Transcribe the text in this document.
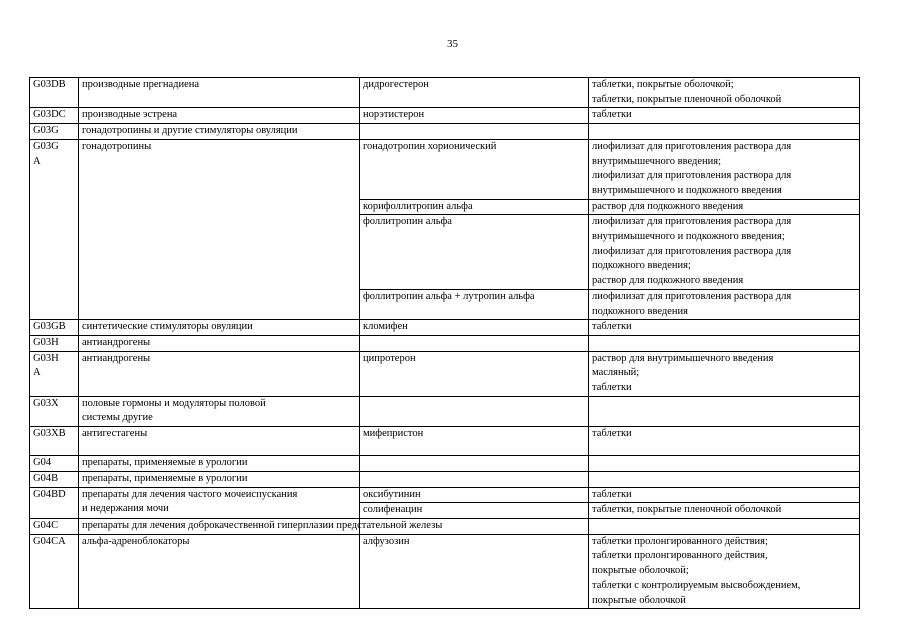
35
G03DB	производные прегнадиена	дидрогестерон	таблетки, покрытые оболочкой;
таблетки, покрытые пленочной оболочкой

G03DC	производные эстрена	норэтистерон	таблетки
G03G	гонадотропины и другие стимуляторы овуляции		

G03G
A	гонадотропины	гонадотропин хорионический	лиофилизат для приготовления раствора для
внутримышечного введения;
лиофилизат для приготовления раствора для
внутримышечного и подкожного введения

		корифоллитропин альфа	раствор для подкожного введения
		фоллитропин альфа	лиофилизат для приготовления раствора для
внутримышечного и подкожного введения;
лиофилизат для приготовления раствора для
подкожного введения;
раствор для подкожного введения

		фоллитропин альфа + лутропин альфа	лиофилизат для приготовления раствора для
подкожного введения

G03GB	синтетические стимуляторы овуляции	кломифен	таблетки
G03H	антиандрогены		

G03H
A	антиандрогены	ципротерон	раствор для внутримышечного введения
масляный;
таблетки

G03X	половые гормоны и модуляторы половой
системы другие		

G03XB	антигестагены	мифепристон	таблетки
G04	препараты, применяемые в урологии		
G04B	препараты, применяемые в урологии		
G04BD	препараты для лечения частого мочеиспускания
и недержания мочи	оксибутинин	таблетки
		солифенацин	таблетки, покрытые пленочной оболочкой
G04C	препараты для лечения доброкачественной гиперплазии предстательной железы		
G04CA	альфа-адреноблокаторы	алфузозин	таблетки пролонгированного действия;
таблетки пролонгированного действия,
покрытые оболочкой;
таблетки с контролируемым высвобождением,
покрытые оболочкой
